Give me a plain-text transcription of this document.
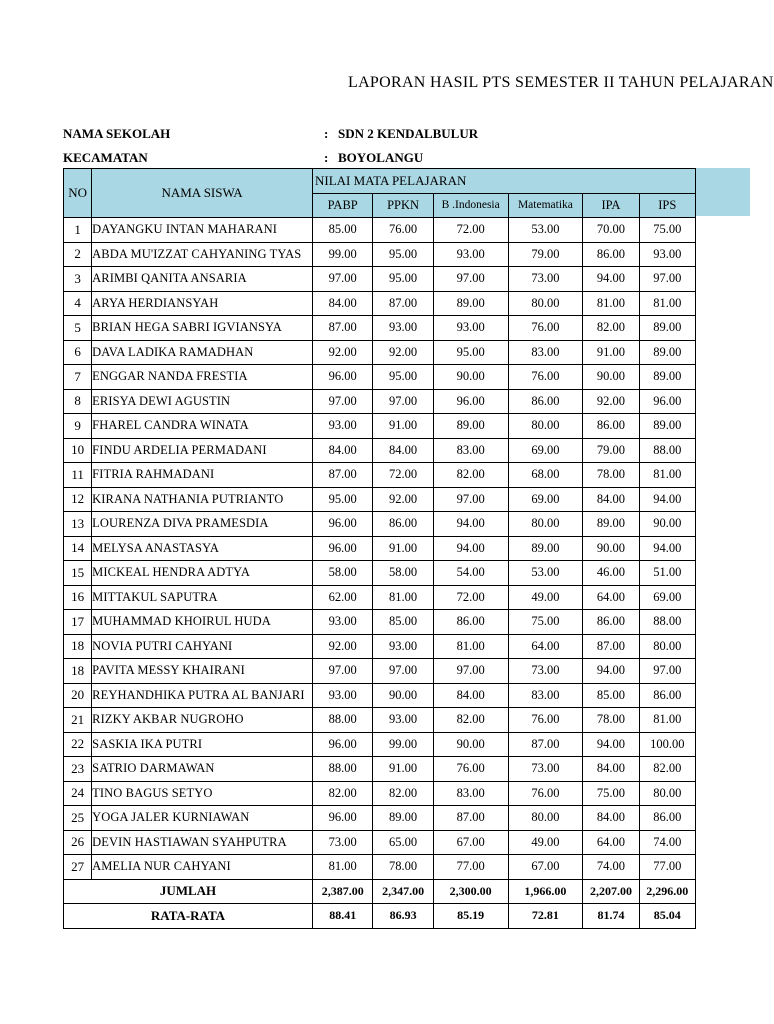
LAPORAN HASIL PTS SEMESTER II TAHUN PELAJARAN
NAMA SEKOLAH	: SDN 2 KENDALBULUR
KECAMATAN	: BOYOLANGU
NO	NAMA SISWA	NILAI MATA PELAJARAN					
		PABP	PPKN	B .Indonesia	Matematika	IPA	IPS
1	DAYANGKU INTAN MAHARANI	85.00	76.00	72.00	53.00	70.00	75.00
2	ABDA MU'IZZAT CAHYANING TYAS	99.00	95.00	93.00	79.00	86.00	93.00
3	ARIMBI QANITA ANSARIA	97.00	95.00	97.00	73.00	94.00	97.00
4	ARYA HERDIANSYAH	84.00	87.00	89.00	80.00	81.00	81.00
5	BRIAN HEGA SABRI IGVIANSYA	87.00	93.00	93.00	76.00	82.00	89.00
6	DAVA LADIKA RAMADHAN	92.00	92.00	95.00	83.00	91.00	89.00
7	ENGGAR NANDA FRESTIA	96.00	95.00	90.00	76.00	90.00	89.00
8	ERISYA DEWI AGUSTIN	97.00	97.00	96.00	86.00	92.00	96.00
9	FHAREL CANDRA WINATA	93.00	91.00	89.00	80.00	86.00	89.00
10	FINDU ARDELIA PERMADANI	84.00	84.00	83.00	69.00	79.00	88.00
11	FITRIA RAHMADANI	87.00	72.00	82.00	68.00	78.00	81.00
12	KIRANA NATHANIA PUTRIANTO	95.00	92.00	97.00	69.00	84.00	94.00
13	LOURENZA DIVA PRAMESDIA	96.00	86.00	94.00	80.00	89.00	90.00
14	MELYSA ANASTASYA	96.00	91.00	94.00	89.00	90.00	94.00
15	MICKEAL HENDRA ADTYA	58.00	58.00	54.00	53.00	46.00	51.00
16	MITTAKUL SAPUTRA	62.00	81.00	72.00	49.00	64.00	69.00
17	MUHAMMAD KHOIRUL HUDA	93.00	85.00	86.00	75.00	86.00	88.00
18	NOVIA PUTRI CAHYANI	92.00	93.00	81.00	64.00	87.00	80.00
18	PAVITA MESSY KHAIRANI	97.00	97.00	97.00	73.00	94.00	97.00
20	REYHANDHIKA PUTRA AL BANJARI	93.00	90.00	84.00	83.00	85.00	86.00
21	RIZKY AKBAR NUGROHO	88.00	93.00	82.00	76.00	78.00	81.00
22	SASKIA IKA PUTRI	96.00	99.00	90.00	87.00	94.00	100.00
23	SATRIO DARMAWAN	88.00	91.00	76.00	73.00	84.00	82.00
24	TINO BAGUS SETYO	82.00	82.00	83.00	76.00	75.00	80.00
25	YOGA JALER KURNIAWAN	96.00	89.00	87.00	80.00	84.00	86.00
26	DEVIN HASTIAWAN SYAHPUTRA	73.00	65.00	67.00	49.00	64.00	74.00
27	AMELIA NUR CAHYANI	81.00	78.00	77.00	67.00	74.00	77.00
JUMLAH		2,387.00	2,347.00	2,300.00	1,966.00	2,207.00	2,296.00
RATA-RATA		88.41	86.93	85.19	72.81	81.74	85.04
